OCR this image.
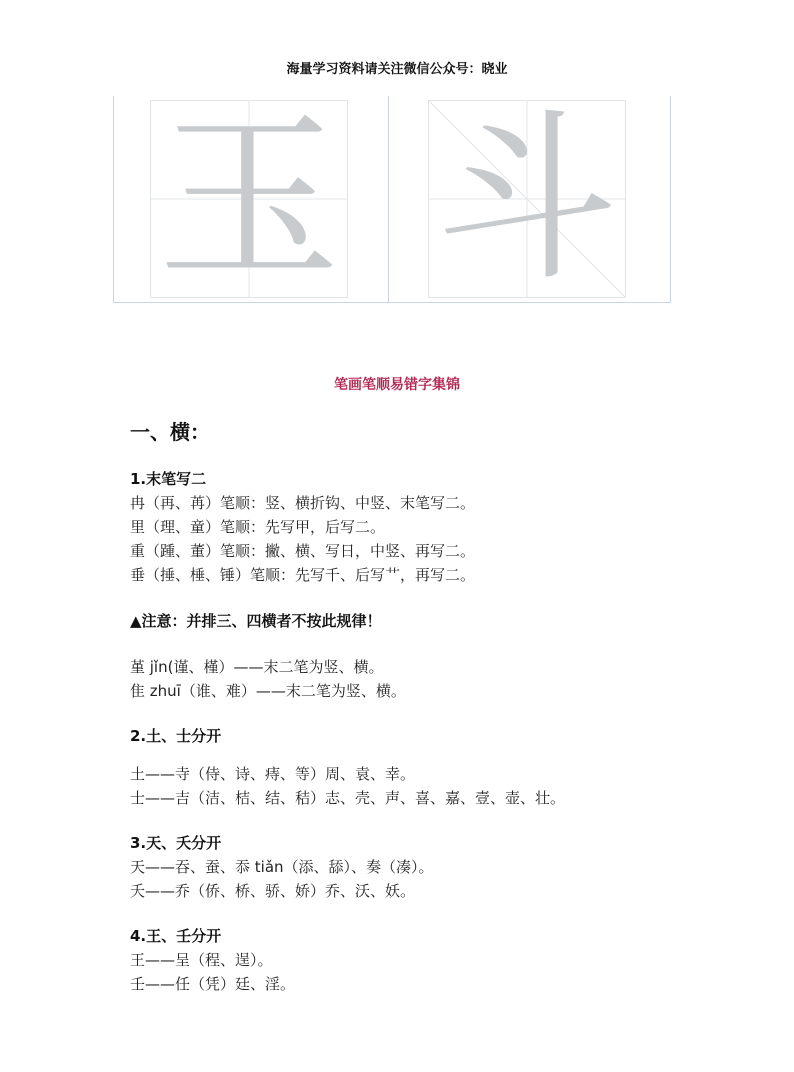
海量学习资料请关注微信公众号：晓业
玉 斗
笔画笔顺易错字集锦
一、横：
1.末笔写二
冉（再、苒）笔顺：竖、横折钩、中竖、末笔写二。
里（理、童）笔顺：先写甲，后写二。
重（踵、董）笔顺：撇、横、写日，中竖、再写二。
垂（捶、棰、锤）笔顺：先写千、后写⺾，再写二。
▲注意：并排三、四横者不按此规律！
堇 jǐn(谨、槿）——末二笔为竖、横。
隹 zhuī（谁、难）——末二笔为竖、横。
2.土、士分开
土——寺（侍、诗、痔、等）周、袁、幸。
士——吉（洁、桔、结、秸）志、壳、声、喜、嘉、壹、壶、壮。
3.天、夭分开
天——吞、蚕、忝 tiǎn（添、舔）、奏（凑）。
夭——乔（侨、桥、骄、娇）乔、沃、妖。
4.王、壬分开
王——呈（程、逞）。
壬——任（凭）廷、淫。
